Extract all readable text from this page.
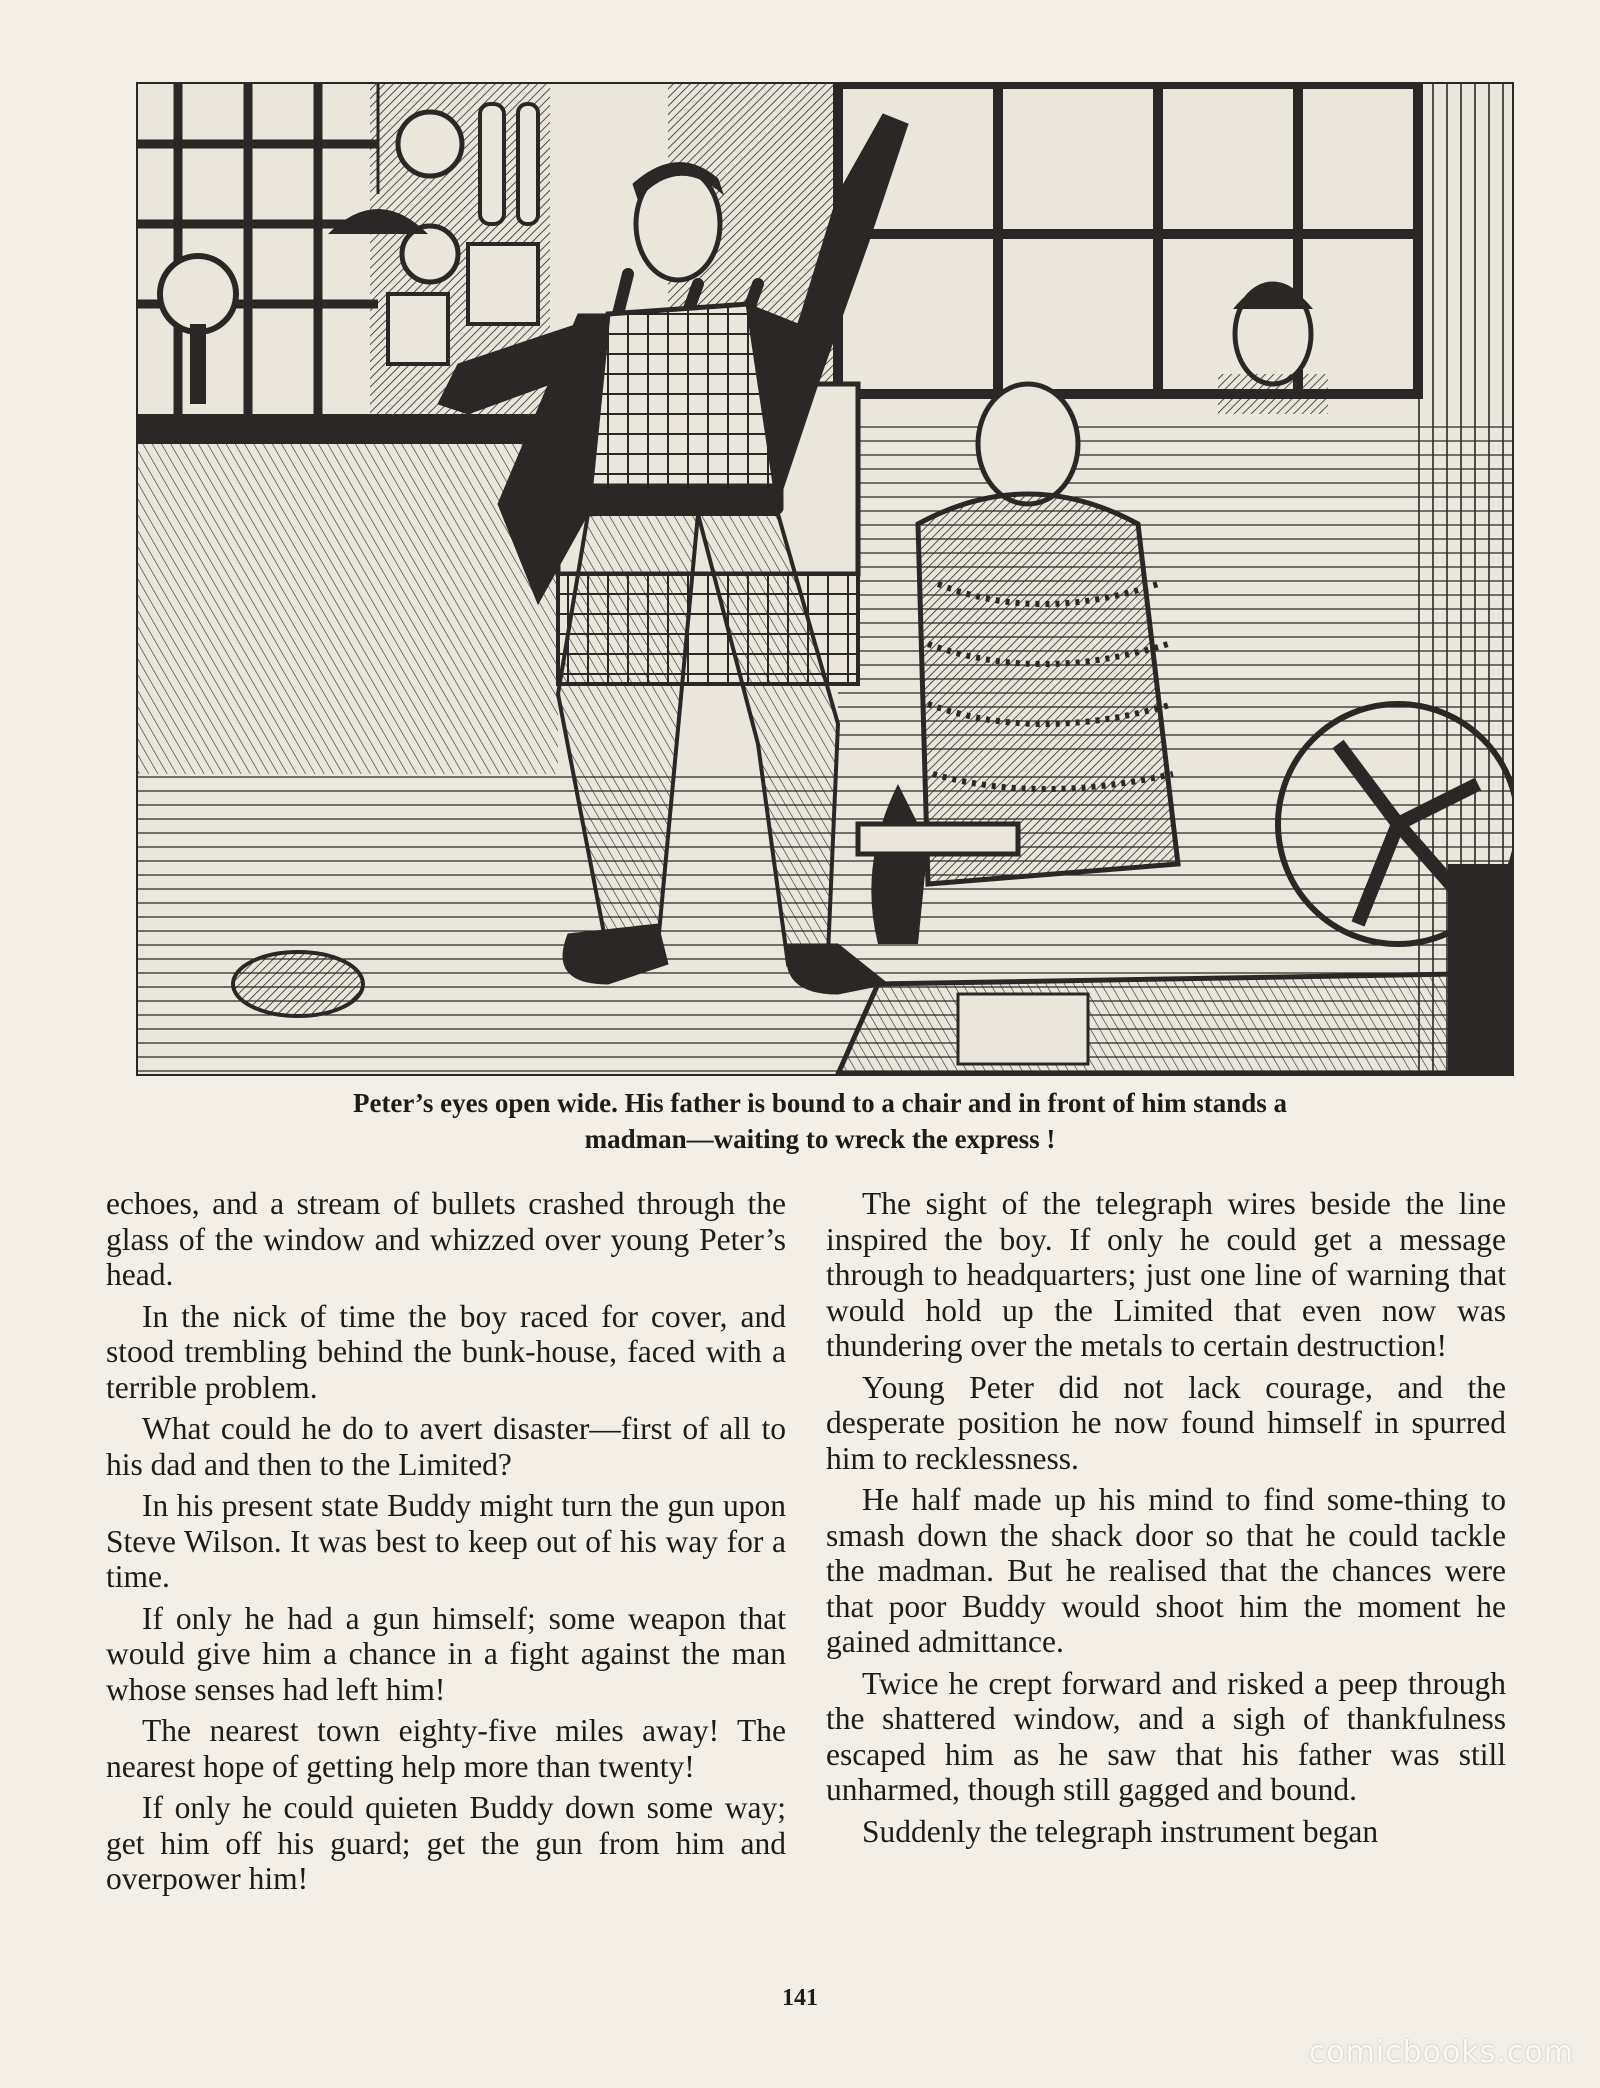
Peter’s eyes open wide. His father is bound to a chair and in front of him stands a
madman—waiting to wreck the express !

echoes, and a stream of bullets crashed through the glass of the window and whizzed over young Peter’s head.

In the nick of time the boy raced for cover, and stood trembling behind the bunk-house, faced with a terrible problem.

What could he do to avert disaster—first of all to his dad and then to the Limited?

In his present state Buddy might turn the gun upon Steve Wilson. It was best to keep out of his way for a time.

If only he had a gun himself; some weapon that would give him a chance in a fight against the man whose senses had left him!

The nearest town eighty-five miles away! The nearest hope of getting help more than twenty!

If only he could quieten Buddy down some way; get him off his guard; get the gun from him and overpower him!

The sight of the telegraph wires beside the line inspired the boy. If only he could get a message through to headquarters; just one line of warning that would hold up the Limited that even now was thundering over the metals to certain destruction!

Young Peter did not lack courage, and the desperate position he now found himself in spurred him to recklessness.

He half made up his mind to find some-thing to smash down the shack door so that he could tackle the madman. But he realised that the chances were that poor Buddy would shoot him the moment he gained admittance.

Twice he crept forward and risked a peep through the shattered window, and a sigh of thankfulness escaped him as he saw that his father was still unharmed, though still gagged and bound.

Suddenly the telegraph instrument began

141

comicbooks.com
